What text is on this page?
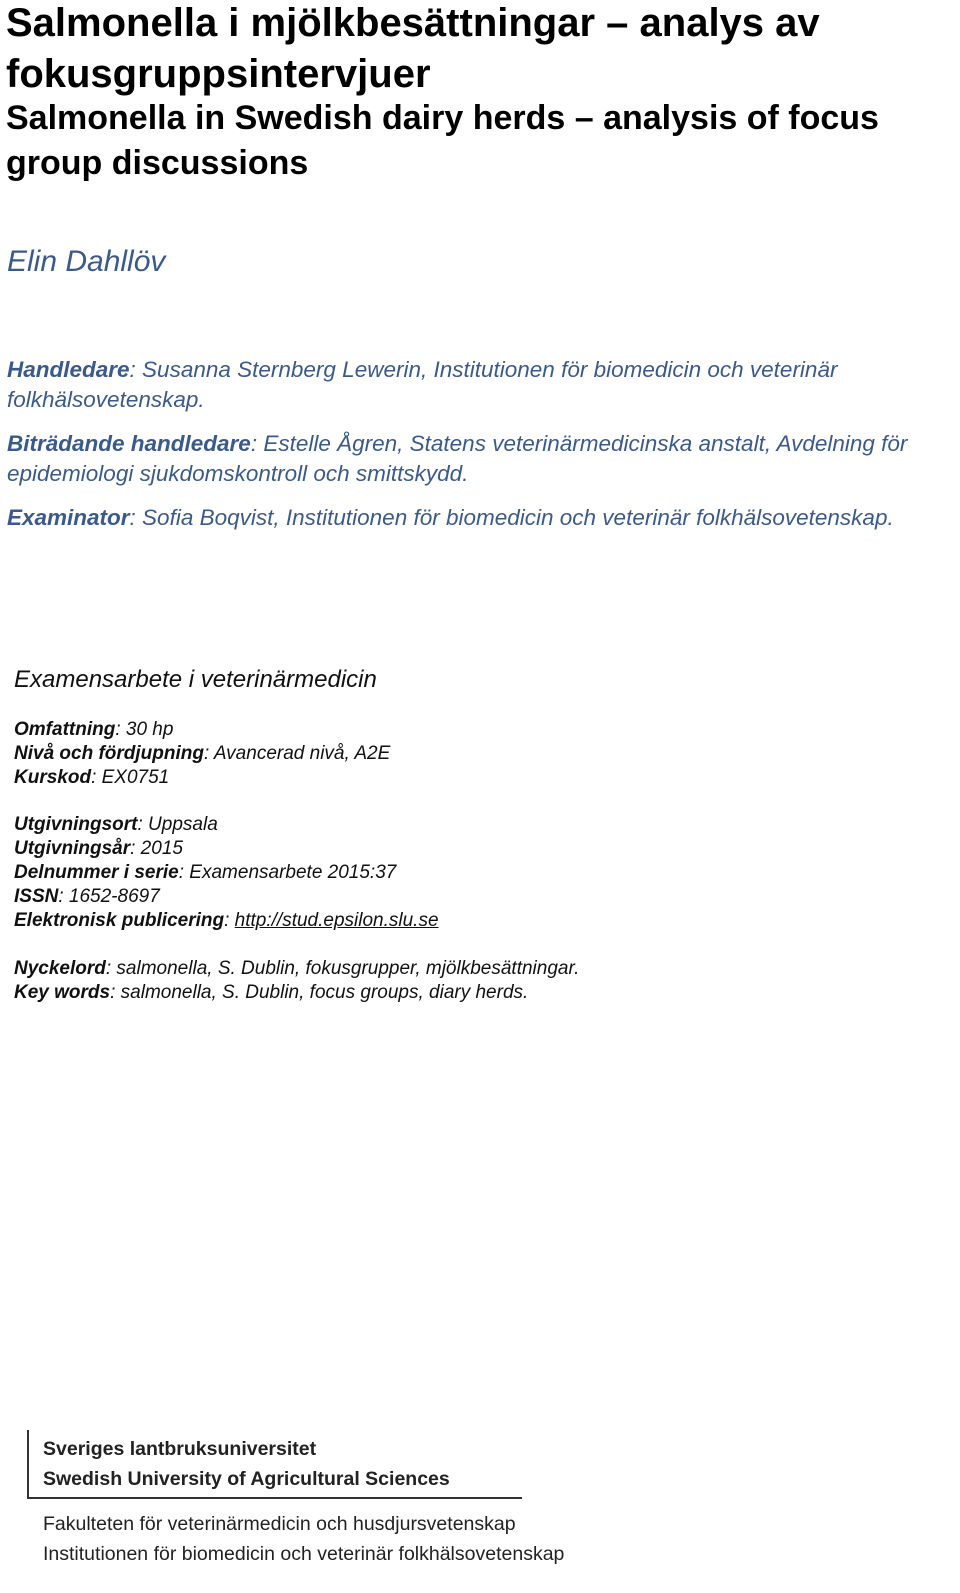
Salmonella i mjölkbesättningar – analys av fokusgruppsintervjuer
Salmonella in Swedish dairy herds – analysis of focus group discussions

Elin Dahllöv

Handledare: Susanna Sternberg Lewerin, Institutionen för biomedicin och veterinär folkhälsovetenskap.

Biträdande handledare: Estelle Ågren, Statens veterinärmedicinska anstalt, Avdelning för epidemiologi sjukdomskontroll och smittskydd.

Examinator: Sofia Boqvist, Institutionen för biomedicin och veterinär folkhälsovetenskap.

Examensarbete i veterinärmedicin

Omfattning: 30 hp

Nivå och fördjupning: Avancerad nivå, A2E

Kurskod: EX0751

Utgivningsort: Uppsala

Utgivningsår: 2015

Delnummer i serie: Examensarbete 2015:37

ISSN: 1652-8697

Elektronisk publicering: http://stud.epsilon.slu.se

Nyckelord: salmonella, S. Dublin, fokusgrupper, mjölkbesättningar.

Key words: salmonella, S. Dublin, focus groups, diary herds.

Sveriges lantbruksuniversitet

Swedish University of Agricultural Sciences

Fakulteten för veterinärmedicin och husdjursvetenskap

Institutionen för biomedicin och veterinär folkhälsovetenskap
